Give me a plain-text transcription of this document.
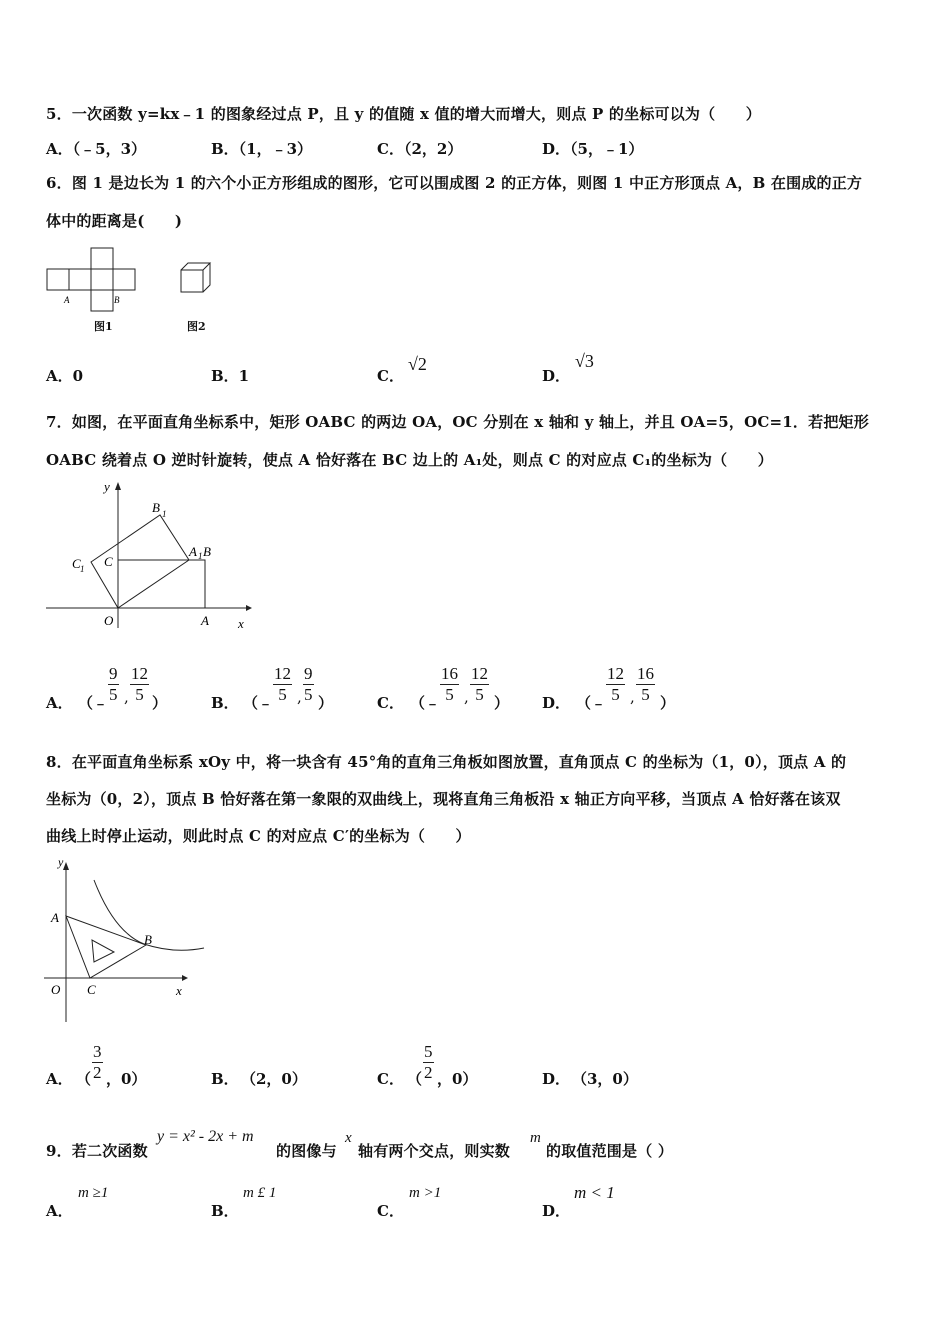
5．一次函数 y=kx﹣1 的图象经过点 P，且 y 的值随 x 值的增大而增大，则点 P 的坐标可以为（　　）
A．（﹣5，3）	B．（1，﹣3）	C．（2，2）	D．（5，﹣1）
6．图 1 是边长为 1 的六个小正方形组成的图形，它可以围成图 2 的正方体，则图 1 中正方形顶点 A，B 在围成的正方
体中的距离是(　　)
A	B
图1	图2
A．0	B．1	C．
√2
D．
√3
7．如图，在平面直角坐标系中，矩形 OABC 的两边 OA，OC 分别在 x 轴和 y 轴上，并且 OA=5，OC=1．若把矩形
OABC 绕着点 O 逆时针旋转，使点 A 恰好落在 BC 边上的 A₁处，则点 C 的对应点 C₁的坐标为（　　）
y
x
O	A
B
C
B 1
A 1
C 1
A． （﹣ $\frac{9}{5}$ , $\frac{12}{5}$ ）	B． （﹣ $\frac{12}{5}$ , $\frac{9}{5}$ ）	C． （﹣ $\frac{16}{5}$ , $\frac{12}{5}$ ） D． （﹣ $\frac{12}{5}$ , $\frac{16}{5}$ ）
8．在平面直角坐标系 xOy 中，将一块含有 45°角的直角三角板如图放置，直角顶点 C 的坐标为（1，0），顶点 A 的
坐标为（0，2），顶点 B 恰好落在第一象限的双曲线上，现将直角三角板沿 x 轴正方向平移，当顶点 A 恰好落在该双
曲线上时停止运动，则此时点 C 的对应点 C′的坐标为（　　）
y
x
O
A
B
C
A． （ $\frac{3}{2}$ ，0）	B． （2，0）	C． （ $\frac{5}{2}$ ，0）	D． （3，0）
9．若二次函数
y = x² - 2x + m
的图像与
x
轴有两个交点，则实数
m
的取值范围是（ ）
A．
m ≥1
B．
m £ 1
C．
m >1
D．
m < 1
